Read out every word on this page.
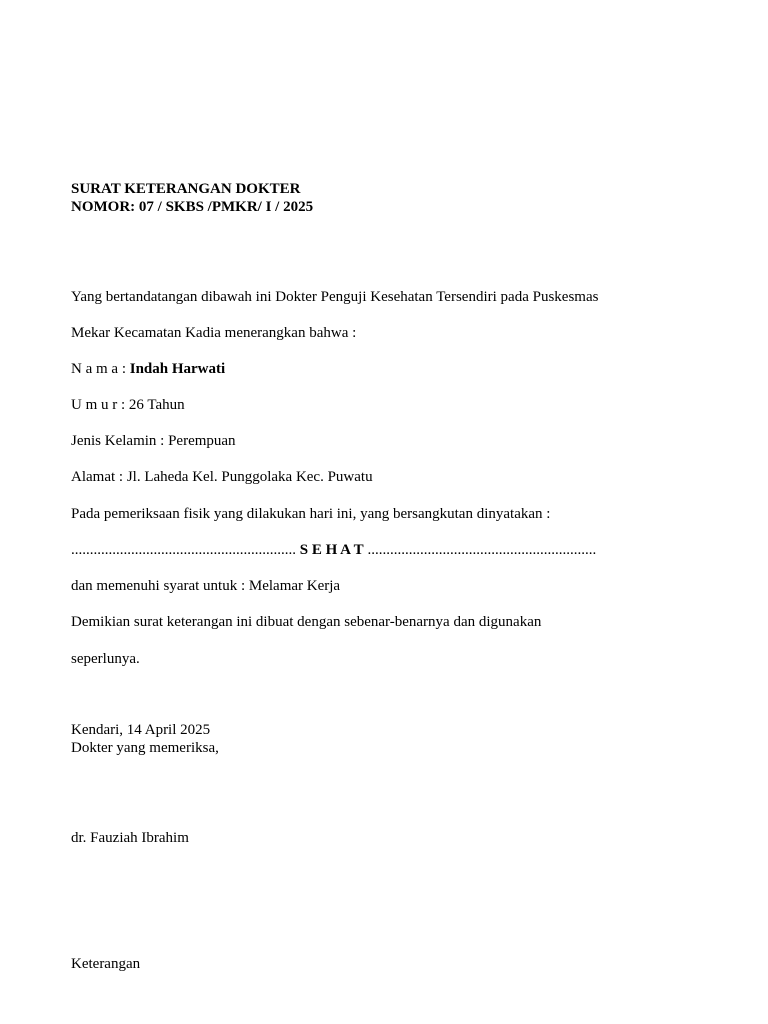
SURAT KETERANGAN DOKTER
NOMOR: 07 / SKBS /PMKR/ I / 2025
Yang bertandatangan dibawah ini Dokter Penguji Kesehatan Tersendiri pada Puskesmas
Mekar Kecamatan Kadia menerangkan bahwa :
N a m a : Indah Harwati
U m u r : 26 Tahun
Jenis Kelamin : Perempuan
Alamat : Jl. Laheda Kel. Punggolaka Kec. Puwatu
Pada pemeriksaan fisik yang dilakukan hari ini, yang bersangkutan dinyatakan :
............................................................ S E H A T .............................................................
dan memenuhi syarat untuk : Melamar Kerja
Demikian surat keterangan ini dibuat dengan sebenar-benarnya dan digunakan
seperlunya.
Kendari, 14 April 2025
Dokter yang memeriksa,
dr. Fauziah Ibrahim
Keterangan
